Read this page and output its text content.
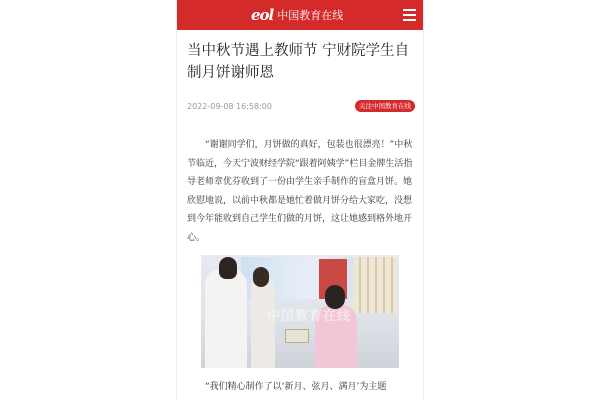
eol 中国教育在线
当中秋节遇上教师节 宁财院学生自制月饼谢师恩
2022-09-08 16:58:00	关注中国教育在线

“谢谢同学们，月饼做的真好，包装也很漂亮！”中秋节临近，今天宁波财经学院“跟着阿姨学”栏目金牌生活指导老师章优芬收到了一份由学生亲手制作的盲盒月饼。她欣慰地说，以前中秋都是她忙着做月饼分给大家吃，没想到今年能收到自己学生们做的月饼，这让她感到格外地开心。

中国教育在线

“我们精心制作了以‘新月、弦月、满月’为主题
